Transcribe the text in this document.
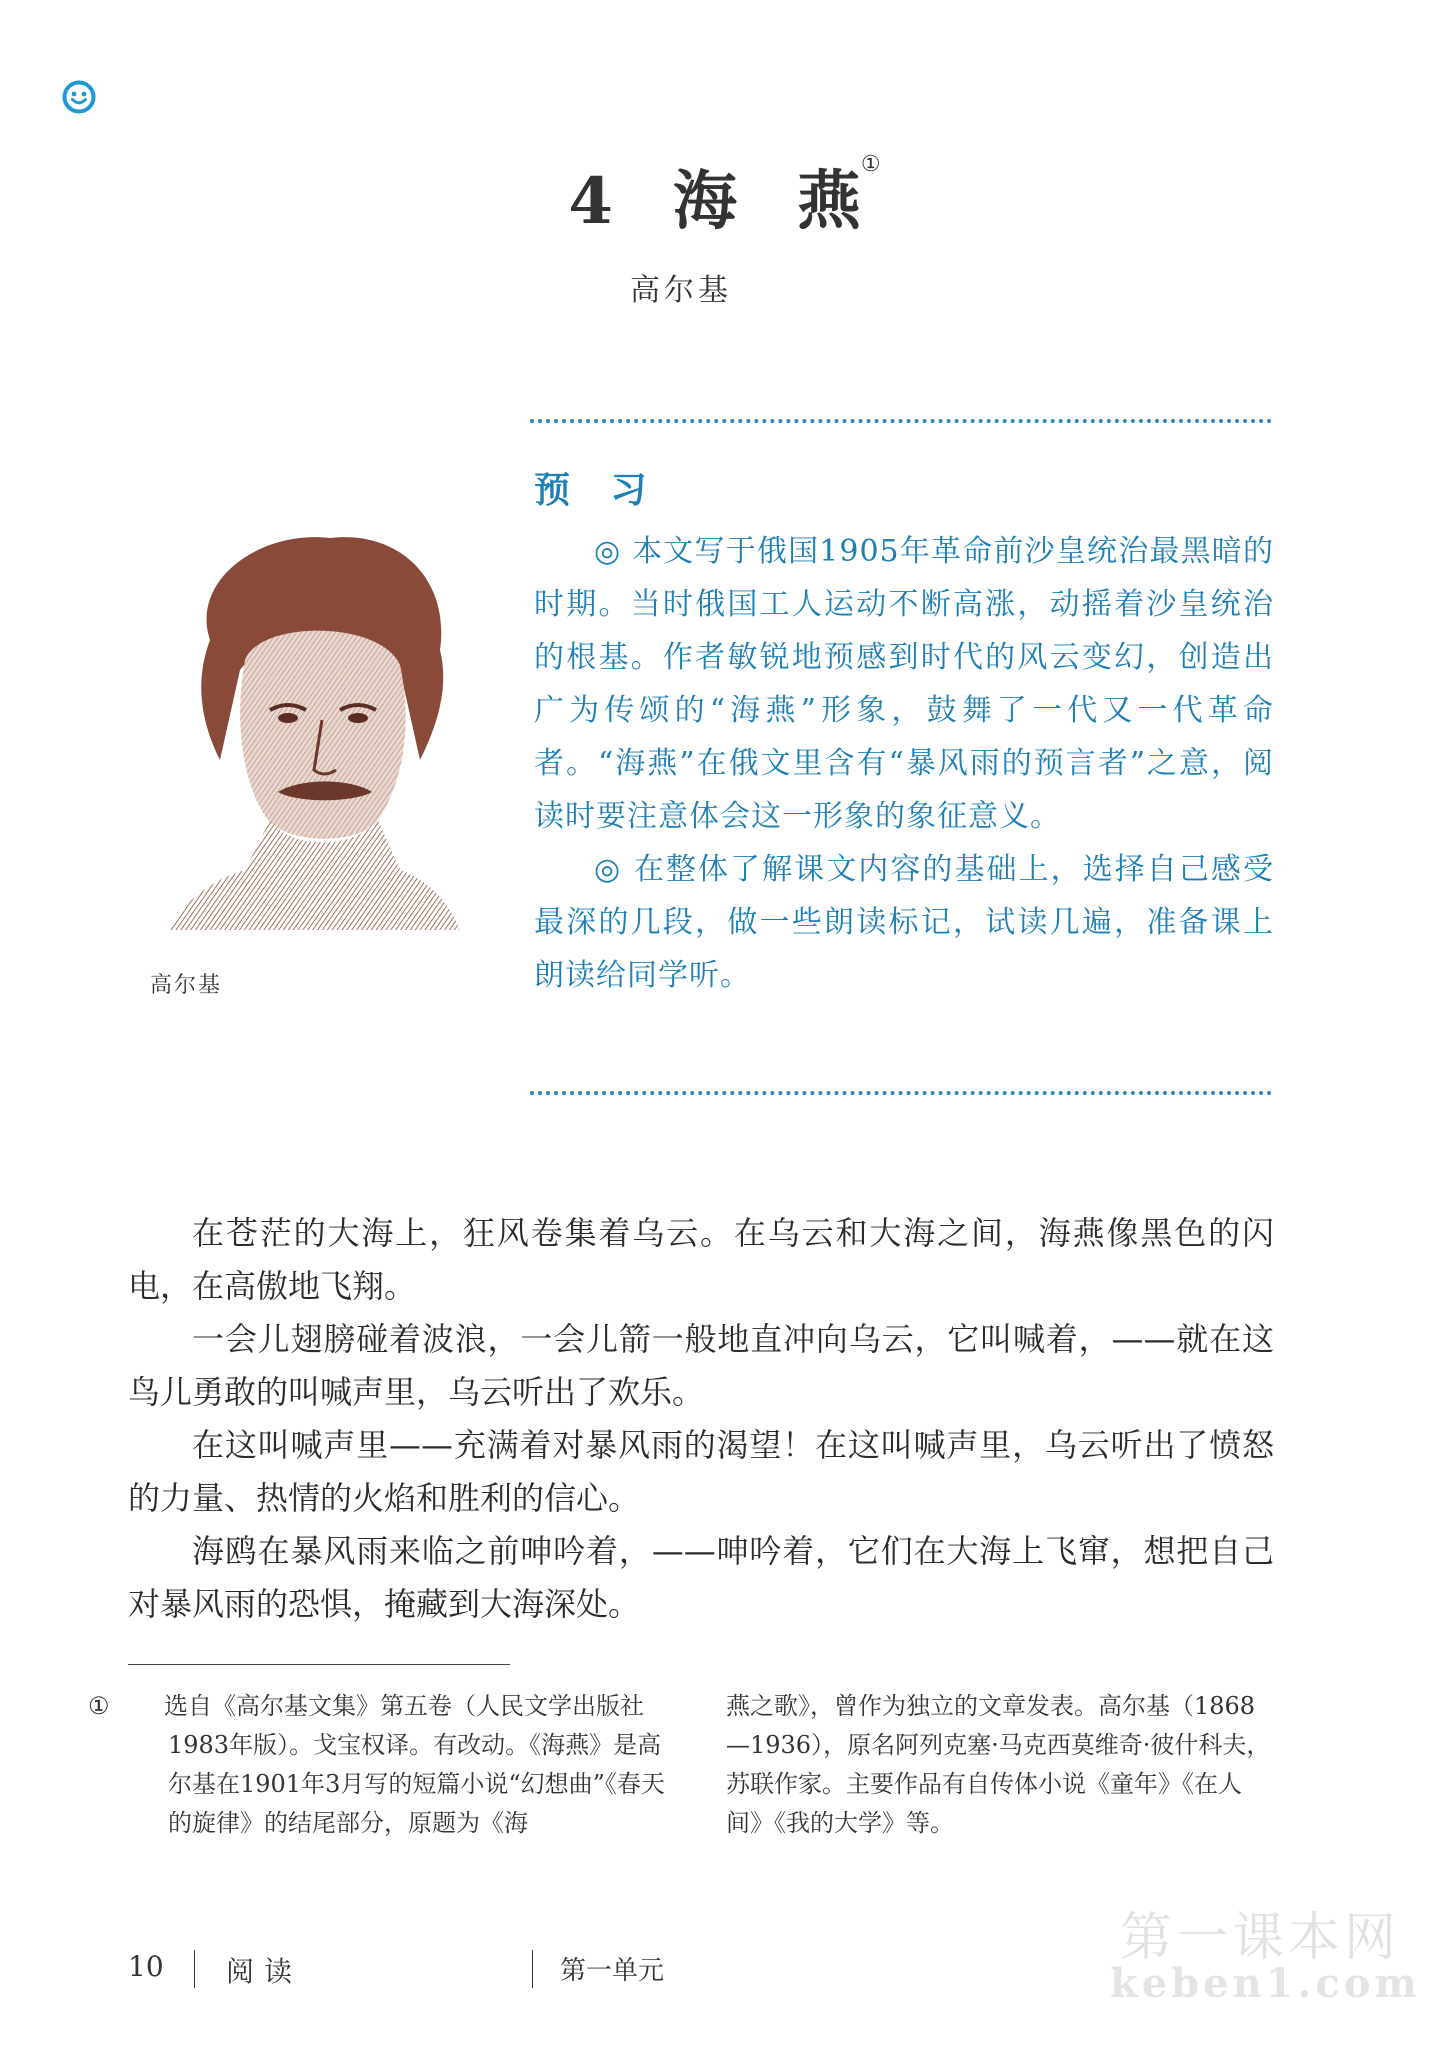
4 海 燕①
高尔基
预 习

◎ 本文写于俄国1905年革命前沙皇统治最黑暗的时期。当时俄国工人运动不断高涨，动摇着沙皇统治的根基。作者敏锐地预感到时代的风云变幻，创造出广为传颂的“海燕”形象，鼓舞了一代又一代革命者。“海燕”在俄文里含有“暴风雨的预言者”之意，阅读时要注意体会这一形象的象征意义。

◎ 在整体了解课文内容的基础上，选择自己感受最深的几段，做一些朗读标记，试读几遍，准备课上朗读给同学听。

高尔基

在苍茫的大海上，狂风卷集着乌云。在乌云和大海之间，海燕像黑色的闪电，在高傲地飞翔。

一会儿翅膀碰着波浪，一会儿箭一般地直冲向乌云，它叫喊着，——就在这鸟儿勇敢的叫喊声里，乌云听出了欢乐。

在这叫喊声里——充满着对暴风雨的渴望！在这叫喊声里，乌云听出了愤怒的力量、热情的火焰和胜利的信心。

海鸥在暴风雨来临之前呻吟着，——呻吟着，它们在大海上飞窜，想把自己对暴风雨的恐惧，掩藏到大海深处。

① 选自《高尔基文集》第五卷（人民文学出版社1983年版）。戈宝权译。有改动。《海燕》是高尔基在1901年3月写的短篇小说“幻想曲”《春天的旋律》的结尾部分，原题为《海
燕之歌》，曾作为独立的文章发表。高尔基（1868—1936），原名阿列克塞·马克西莫维奇·彼什科夫，苏联作家。主要作品有自传体小说《童年》《在人间》《我的大学》等。
10 阅读	第一单元
第一课本网
keben1.com
